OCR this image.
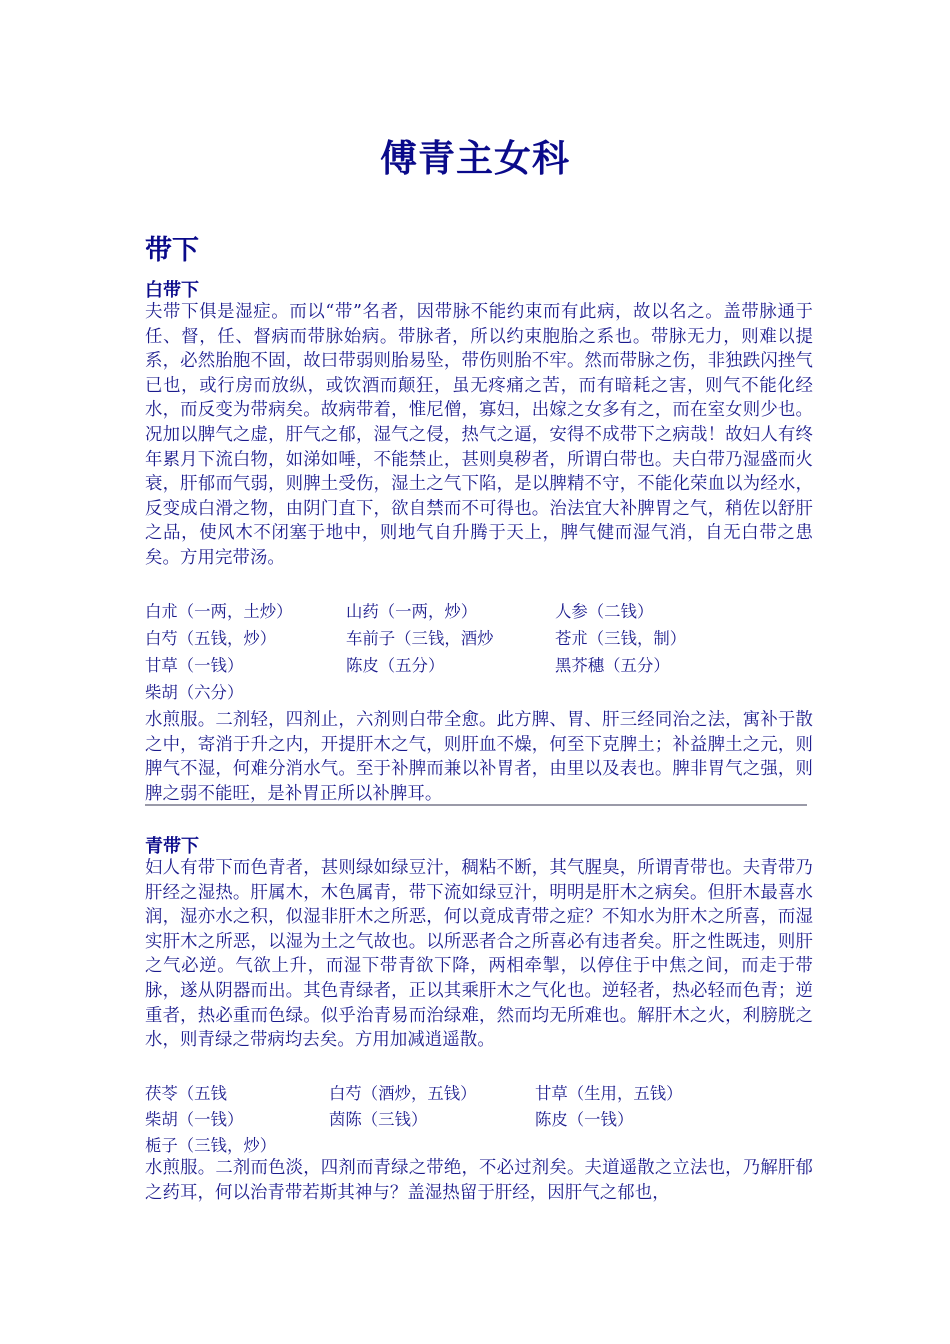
傅青主女科
带下
白带下
夫带下俱是湿症。而以“带”名者，因带脉不能约束而有此病，故以名之。盖带脉通于任、督，任、督病而带脉始病。带脉者，所以约束胞胎之系也。带脉无力，则难以提系，必然胎胞不固，故曰带弱则胎易坠，带伤则胎不牢。然而带脉之伤，非独跌闪挫气已也，或行房而放纵，或饮酒而颠狂，虽无疼痛之苦，而有暗耗之害，则气不能化经水，而反变为带病矣。故病带着，惟尼僧，寡妇，出嫁之女多有之，而在室女则少也。况加以脾气之虚，肝气之郁，湿气之侵，热气之逼，安得不成带下之病哉！故妇人有终年累月下流白物，如涕如唾，不能禁止，甚则臭秽者，所谓白带也。夫白带乃湿盛而火衰，肝郁而气弱，则脾土受伤，湿土之气下陷，是以脾精不守，不能化荣血以为经水，反变成白滑之物，由阴门直下，欲自禁而不可得也。治法宜大补脾胃之气，稍佐以舒肝之品，使风木不闭塞于地中，则地气自升腾于天上，脾气健而湿气消，自无白带之患矣。方用完带汤。
白朮（一两，土炒）	山药（一两，炒）	人参（二钱）
白芍（五钱，炒）	车前子（三钱，酒炒	苍朮（三钱，制）
甘草（一钱）	陈皮（五分）	黑芥穗（五分）
柴胡（六分）
水煎服。二剂轻，四剂止，六剂则白带全愈。此方脾、胃、肝三经同治之法，寓补于散之中，寄消于升之内，开提肝木之气，则肝血不燥，何至下克脾土；补益脾土之元，则脾气不湿，何难分消水气。至于补脾而兼以补胃者，由里以及表也。脾非胃气之强，则脾之弱不能旺，是补胃正所以补脾耳。
青带下
妇人有带下而色青者，甚则绿如绿豆汁，稠粘不断，其气腥臭，所谓青带也。夫青带乃肝经之湿热。肝属木，木色属青，带下流如绿豆汁，明明是肝木之病矣。但肝木最喜水润，湿亦水之积，似湿非肝木之所恶，何以竟成青带之症？不知水为肝木之所喜，而湿实肝木之所恶，以湿为土之气故也。以所恶者合之所喜必有违者矣。肝之性既违，则肝之气必逆。气欲上升，而湿下带青欲下降，两相牵掣，以停住于中焦之间，而走于带脉，遂从阴器而出。其色青绿者，正以其乘肝木之气化也。逆轻者，热必轻而色青；逆重者，热必重而色绿。似乎治青易而治绿难，然而均无所难也。解肝木之火，利膀胱之水，则青绿之带病均去矣。方用加减逍遥散。
茯苓（五钱	白芍（酒炒，五钱）	甘草（生用，五钱）
柴胡（一钱）	茵陈（三钱）	陈皮（一钱）
栀子（三钱，炒）
水煎服。二剂而色淡，四剂而青绿之带绝，不必过剂矣。夫道遥散之立法也，乃解肝郁之药耳，何以治青带若斯其神与？盖湿热留于肝经，因肝气之郁也，
